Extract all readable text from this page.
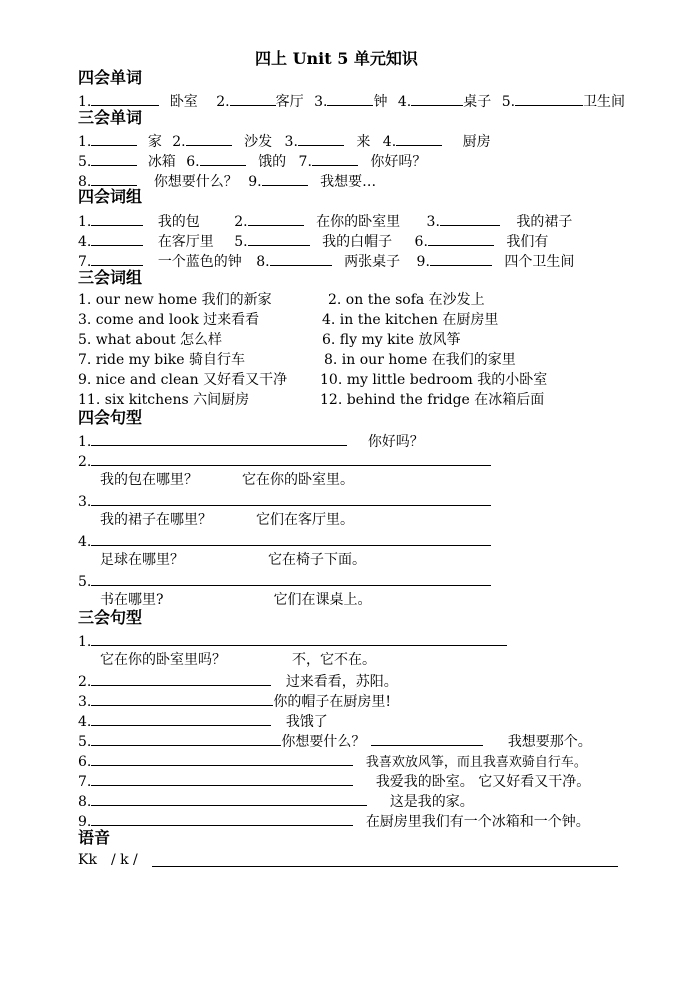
四上 Unit 5 单元知识
四会单词
1.	卧室 2.	客厅 3.	钟 4.	桌子 5.	卫生间
三会单词
1.	家 2.	沙发 3.	来 4.	厨房
5.	冰箱 6.	饿的 7.	你好吗？
8.	你想要什么？ 9.	我想要…
四会词组
1.	我的包 2.	在你的卧室里 3.	我的裙子
4.	在客厅里 5.	我的白帽子 6.	我们有
7.	一个蓝色的钟 8.	两张桌子 9.	四个卫生间
三会词组
1. our new home 我们的新家	2. on the sofa 在沙发上
3. come and look 过来看看	4. in the kitchen 在厨房里
5. what about 怎么样	6. fly my kite 放风筝
7. ride my bike 骑自行车	8. in our home 在我们的家里
9. nice and clean 又好看又干净 10. my little bedroom 我的小卧室
11. six kitchens 六间厨房	12. behind the fridge 在冰箱后面
四会句型
1.	你好吗？
2.
我的包在哪里？	它在你的卧室里。
3.
我的裙子在哪里？	它们在客厅里。
4.
足球在哪里？	它在椅子下面。
5.
书在哪里?	它们在课桌上。
三会句型
1.
它在你的卧室里吗？	不，它不在。
2.	过来看看，苏阳。
3.	你的帽子在厨房里!
4.	我饿了
5.	你想要什么？	我想要那个。
6.	我喜欢放风筝，而且我喜欢骑自行车。
7.	我爱我的卧室。 它又好看又干净。
8.	这是我的家。
9.	在厨房里我们有一个冰箱和一个钟。
语音
Kk / k /
